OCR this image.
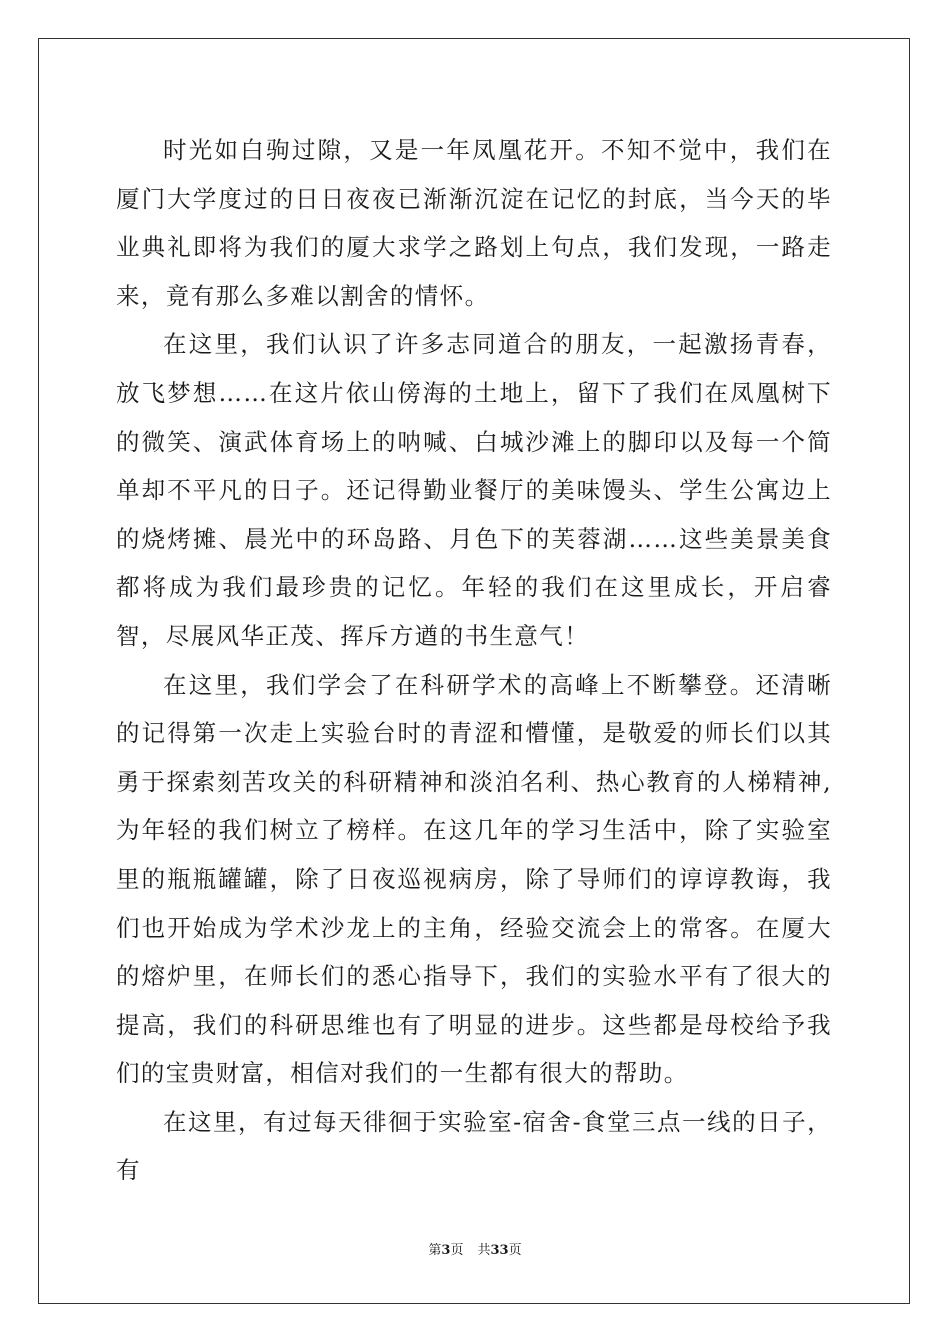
时光如白驹过隙，又是一年凤凰花开。不知不觉中，我们在厦门大学度过的日日夜夜已渐渐沉淀在记忆的封底，当今天的毕业典礼即将为我们的厦大求学之路划上句点，我们发现，一路走来，竟有那么多难以割舍的情怀。

在这里，我们认识了许多志同道合的朋友，一起激扬青春，放飞梦想……在这片依山傍海的土地上，留下了我们在凤凰树下的微笑、演武体育场上的呐喊、白城沙滩上的脚印以及每一个简单却不平凡的日子。还记得勤业餐厅的美味馒头、学生公寓边上的烧烤摊、晨光中的环岛路、月色下的芙蓉湖……这些美景美食都将成为我们最珍贵的记忆。年轻的我们在这里成长，开启睿智，尽展风华正茂、挥斥方遒的书生意气！

在这里，我们学会了在科研学术的高峰上不断攀登。还清晰的记得第一次走上实验台时的青涩和懵懂，是敬爱的师长们以其勇于探索刻苦攻关的科研精神和淡泊名利、热心教育的人梯精神,为年轻的我们树立了榜样。在这几年的学习生活中，除了实验室里的瓶瓶罐罐，除了日夜巡视病房，除了导师们的谆谆教诲，我们也开始成为学术沙龙上的主角，经验交流会上的常客。在厦大的熔炉里，在师长们的悉心指导下，我们的实验水平有了很大的提高，我们的科研思维也有了明显的进步。这些都是母校给予我们的宝贵财富，相信对我们的一生都有很大的帮助。

在这里，有过每天徘徊于实验室-宿舍-食堂三点一线的日子，有

第3页 共33页
